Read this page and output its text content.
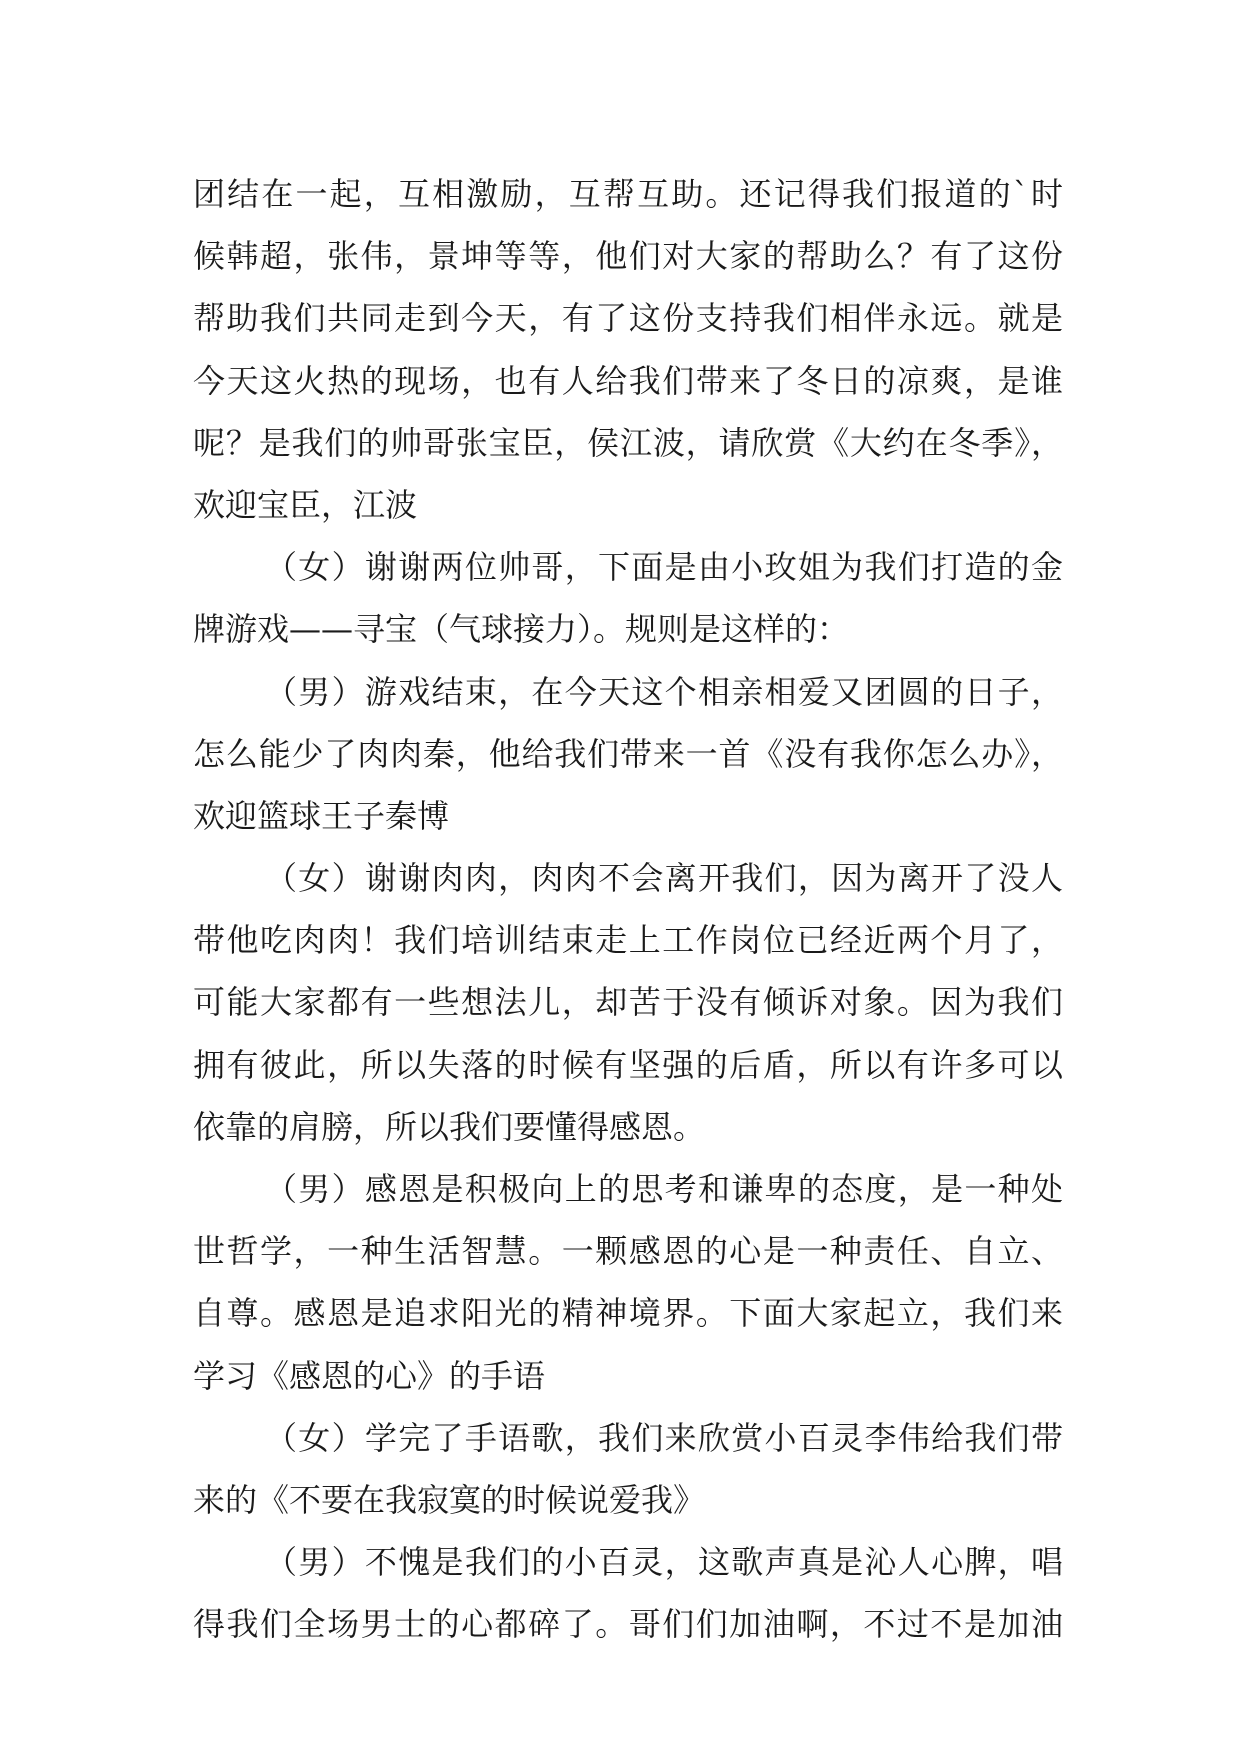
团结在一起，互相激励，互帮互助。还记得我们报道的`时
候韩超，张伟，景坤等等，他们对大家的帮助么？有了这份
帮助我们共同走到今天，有了这份支持我们相伴永远。就是
今天这火热的现场，也有人给我们带来了冬日的凉爽，是谁
呢？是我们的帅哥张宝臣，侯江波，请欣赏《大约在冬季》，
欢迎宝臣，江波
（女）谢谢两位帅哥，下面是由小玫姐为我们打造的金
牌游戏——寻宝（气球接力）。规则是这样的：
（男）游戏结束，在今天这个相亲相爱又团圆的日子，
怎么能少了肉肉秦，他给我们带来一首《没有我你怎么办》，
欢迎篮球王子秦博
（女）谢谢肉肉，肉肉不会离开我们，因为离开了没人
带他吃肉肉！我们培训结束走上工作岗位已经近两个月了，
可能大家都有一些想法儿，却苦于没有倾诉对象。因为我们
拥有彼此，所以失落的时候有坚强的后盾，所以有许多可以
依靠的肩膀，所以我们要懂得感恩。
（男）感恩是积极向上的思考和谦卑的态度，是一种处
世哲学，一种生活智慧。一颗感恩的心是一种责任、自立、
自尊。感恩是追求阳光的精神境界。下面大家起立，我们来
学习《感恩的心》的手语
（女）学完了手语歌，我们来欣赏小百灵李伟给我们带
来的《不要在我寂寞的时候说爱我》
（男）不愧是我们的小百灵，这歌声真是沁人心脾，唱
得我们全场男士的心都碎了。哥们们加油啊，不过不是加油
